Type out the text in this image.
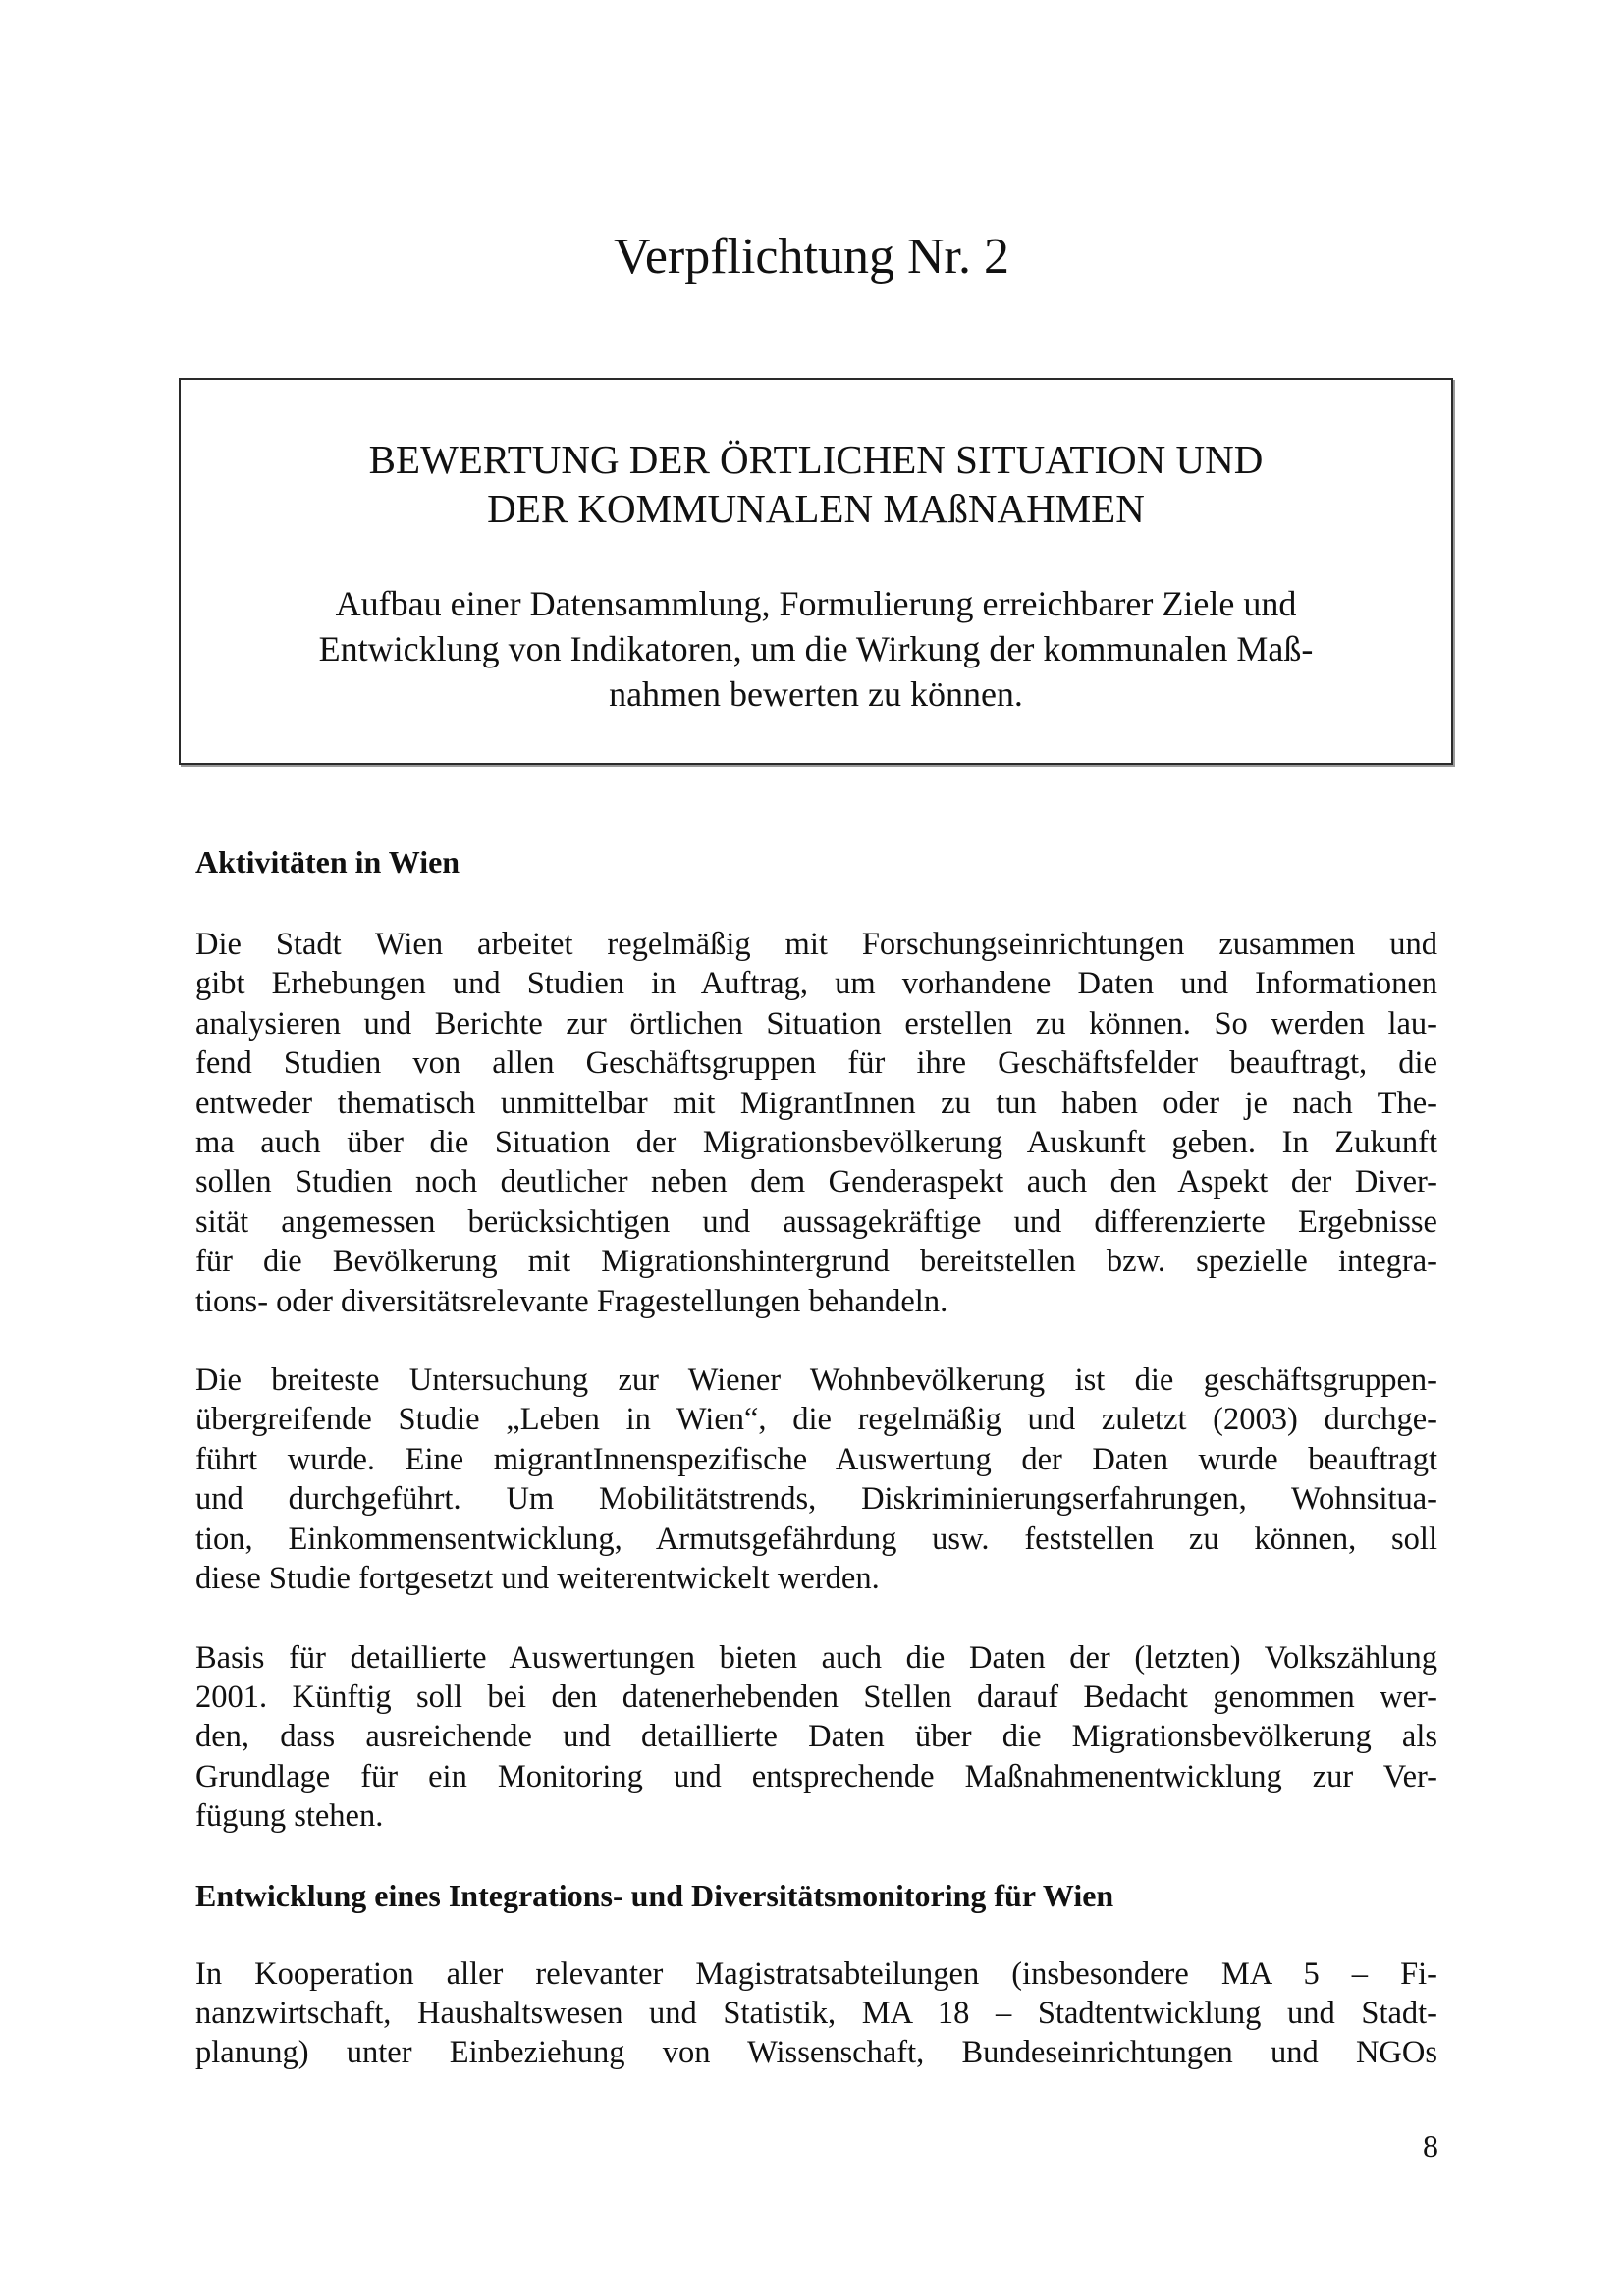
Verpflichtung Nr. 2
BEWERTUNG DER ÖRTLICHEN SITUATION UND
DER KOMMUNALEN MAßNAHMEN

Aufbau einer Datensammlung, Formulierung erreichbarer Ziele und
Entwicklung von Indikatoren, um die Wirkung der kommunalen Maß-
nahmen bewerten zu können.

Aktivitäten in Wien

Die Stadt Wien arbeitet regelmäßig mit Forschungseinrichtungen zusammen und
gibt Erhebungen und Studien in Auftrag, um vorhandene Daten und Informationen
analysieren und Berichte zur örtlichen Situation erstellen zu können. So werden lau-
fend Studien von allen Geschäftsgruppen für ihre Geschäftsfelder beauftragt, die
entweder thematisch unmittelbar mit MigrantInnen zu tun haben oder je nach The-
ma auch über die Situation der Migrationsbevölkerung Auskunft geben. In Zukunft
sollen Studien noch deutlicher neben dem Genderaspekt auch den Aspekt der Diver-
sität angemessen berücksichtigen und aussagekräftige und differenzierte Ergebnisse
für die Bevölkerung mit Migrationshintergrund bereitstellen bzw. spezielle integra-
tions- oder diversitätsrelevante Fragestellungen behandeln.

Die breiteste Untersuchung zur Wiener Wohnbevölkerung ist die geschäftsgruppen-
übergreifende Studie „Leben in Wien“, die regelmäßig und zuletzt (2003) durchge-
führt wurde. Eine migrantInnenspezifische Auswertung der Daten wurde beauftragt
und durchgeführt. Um Mobilitätstrends, Diskriminierungserfahrungen, Wohnsitua-
tion, Einkommensentwicklung, Armutsgefährdung usw. feststellen zu können, soll
diese Studie fortgesetzt und weiterentwickelt werden.

Basis für detaillierte Auswertungen bieten auch die Daten der (letzten) Volkszählung
2001. Künftig soll bei den datenerhebenden Stellen darauf Bedacht genommen wer-
den, dass ausreichende und detaillierte Daten über die Migrationsbevölkerung als
Grundlage für ein Monitoring und entsprechende Maßnahmenentwicklung zur Ver-
fügung stehen.

Entwicklung eines Integrations- und Diversitätsmonitoring für Wien

In Kooperation aller relevanter Magistratsabteilungen (insbesondere MA 5 – Fi-
nanzwirtschaft, Haushaltswesen und Statistik, MA 18 – Stadtentwicklung und Stadt-
planung) unter Einbeziehung von Wissenschaft, Bundeseinrichtungen und NGOs

8
